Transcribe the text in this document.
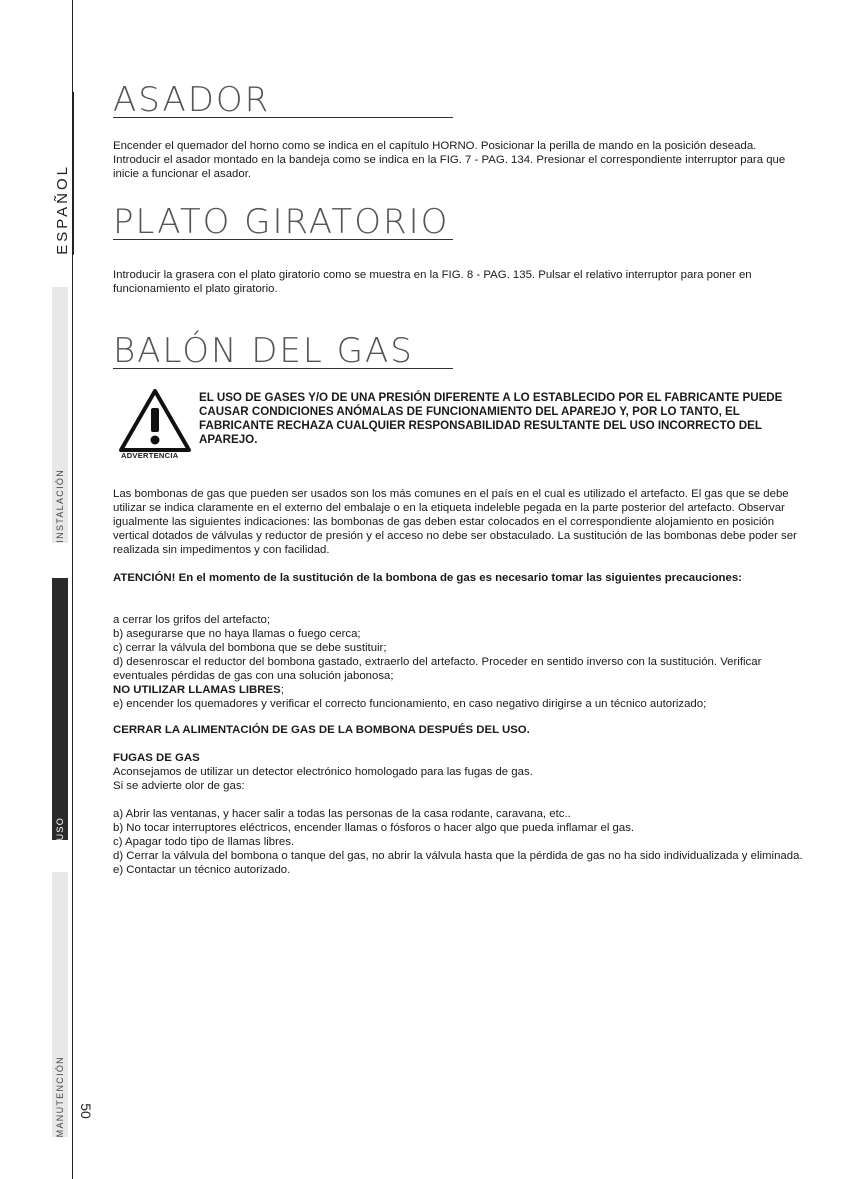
ESPAÑOL
INSTALACIÓN
USO
MANUTENCIÓN 50
ASADOR

Encender el quemador del horno como se indica en el capítulo HORNO. Posicionar la perilla de mando en la posición deseada. Introducir el asador montado en la bandeja como se indica en la FIG. 7 - PAG. 134. Presionar el correspondiente interruptor para que inicie a funcionar el asador.

PLATO GIRATORIO

Introducir la grasera con el plato giratorio como se muestra en la FIG. 8 - PAG. 135. Pulsar el relativo interruptor para poner en funcionamiento el plato giratorio.

BALÓN DEL GAS
ADVERTENCIA

EL USO DE GASES Y/O DE UNA PRESIÓN DIFERENTE A LO ESTABLECIDO POR EL FABRICANTE PUEDE CAUSAR CONDICIONES ANÓMALAS DE FUNCIONAMIENTO DEL APAREJO Y, POR LO TANTO, EL FABRICANTE RECHAZA CUALQUIER RESPONSABILIDAD RESULTANTE DEL USO INCORRECTO DEL APAREJO.

Las bombonas de gas que pueden ser usados son los más comunes en el país en el cual es utilizado el artefacto. El gas que se debe utilizar se indica claramente en el externo del embalaje o en la etiqueta indeleble pegada en la parte posterior del artefacto. Observar igualmente las siguientes indicaciones: las bombonas de gas deben estar colocados en el correspondiente alojamiento en posición vertical dotados de válvulas y reductor de presión y el acceso no debe ser obstaculado. La sustitución de las bombonas debe poder ser realizada sin impedimentos y con facilidad.

ATENCIÓN! En el momento de la sustitución de la bombona de gas es necesario tomar las siguientes precauciones:

a cerrar los grifos del artefacto;

b) asegurarse que no haya llamas o fuego cerca;

c) cerrar la válvula del bombona que se debe sustituir;

d) desenroscar el reductor del bombona gastado, extraerlo del artefacto. Proceder en sentido inverso con la sustitución. Verificar eventuales pérdidas de gas con una solución jabonosa;

NO UTILIZAR LLAMAS LIBRES;

e) encender los quemadores y verificar el correcto funcionamiento, en caso negativo dirigirse a un técnico autorizado;

CERRAR LA ALIMENTACIÓN DE GAS DE LA BOMBONA DESPUÉS DEL USO.

FUGAS DE GAS

Aconsejamos de utilizar un detector electrónico homologado para las fugas de gas.

Si se advierte olor de gas:

a) Abrir las ventanas, y hacer salir a todas las personas de la casa rodante, caravana, etc..

b) No tocar interruptores eléctricos, encender llamas o fósforos o hacer algo que pueda inflamar el gas.

c) Apagar todo tipo de llamas libres.

d) Cerrar la válvula del bombona o tanque del gas, no abrir la válvula hasta que la pérdida de gas no ha sido individualizada y eliminada.

e) Contactar un técnico autorizado.
